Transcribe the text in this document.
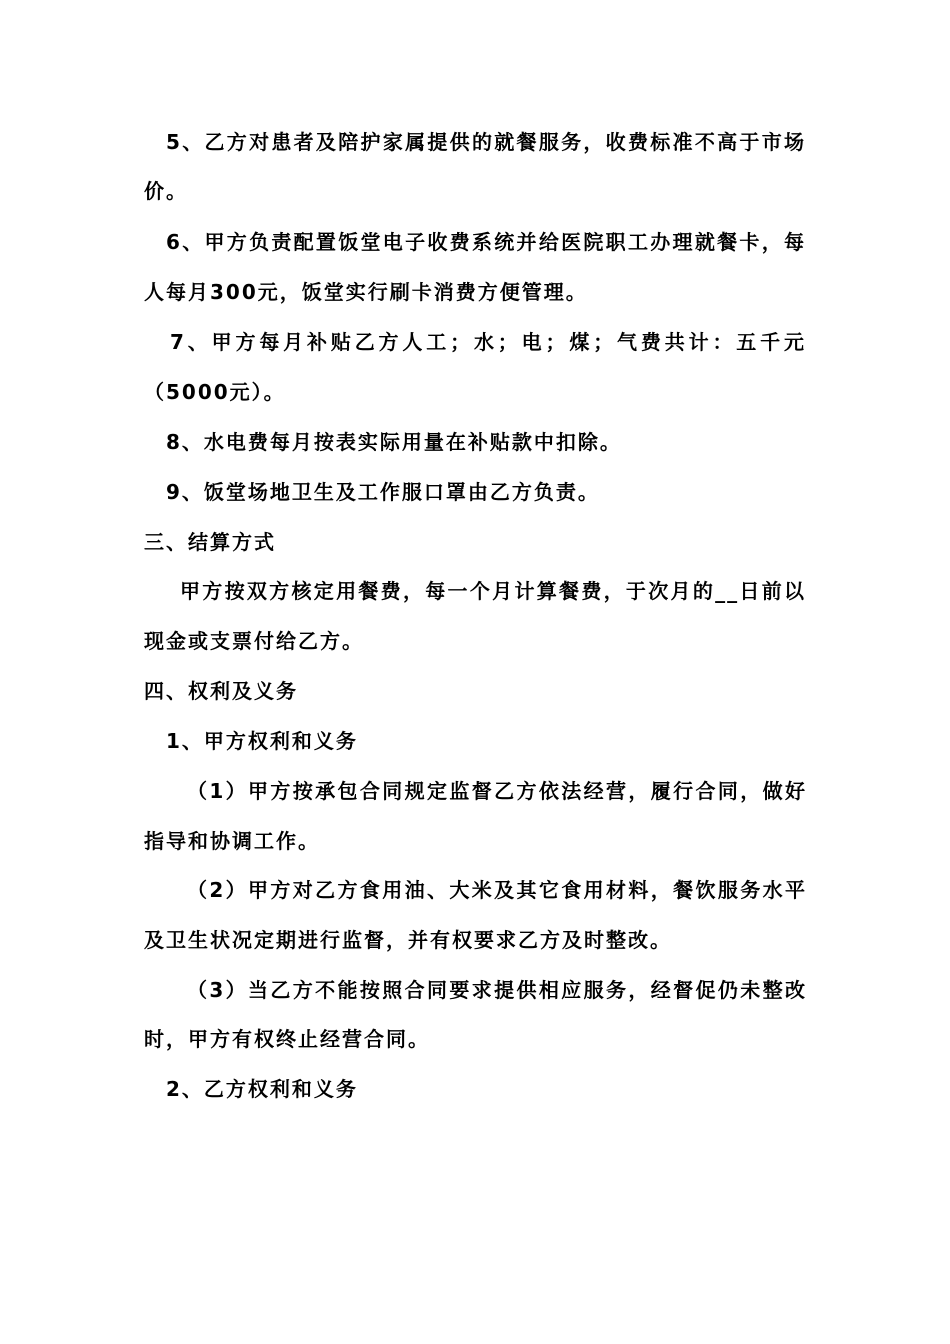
5、乙方对患者及陪护家属提供的就餐服务，收费标准不高于市场
价。
6、甲方负责配置饭堂电子收费系统并给医院职工办理就餐卡，每
人每月300元，饭堂实行刷卡消费方便管理。
7、甲方每月补贴乙方人工；水；电；煤；气费共计：五千元
（5000元）。
8、水电费每月按表实际用量在补贴款中扣除。
9、饭堂场地卫生及工作服口罩由乙方负责。
三、结算方式
甲方按双方核定用餐费，每一个月计算餐费，于次月的__日前以
现金或支票付给乙方。
四、权利及义务
1、甲方权利和义务
（1）甲方按承包合同规定监督乙方依法经营，履行合同，做好
指导和协调工作。
（2）甲方对乙方食用油、大米及其它食用材料，餐饮服务水平
及卫生状况定期进行监督，并有权要求乙方及时整改。
（3）当乙方不能按照合同要求提供相应服务，经督促仍未整改
时，甲方有权终止经营合同。
2、乙方权利和义务
